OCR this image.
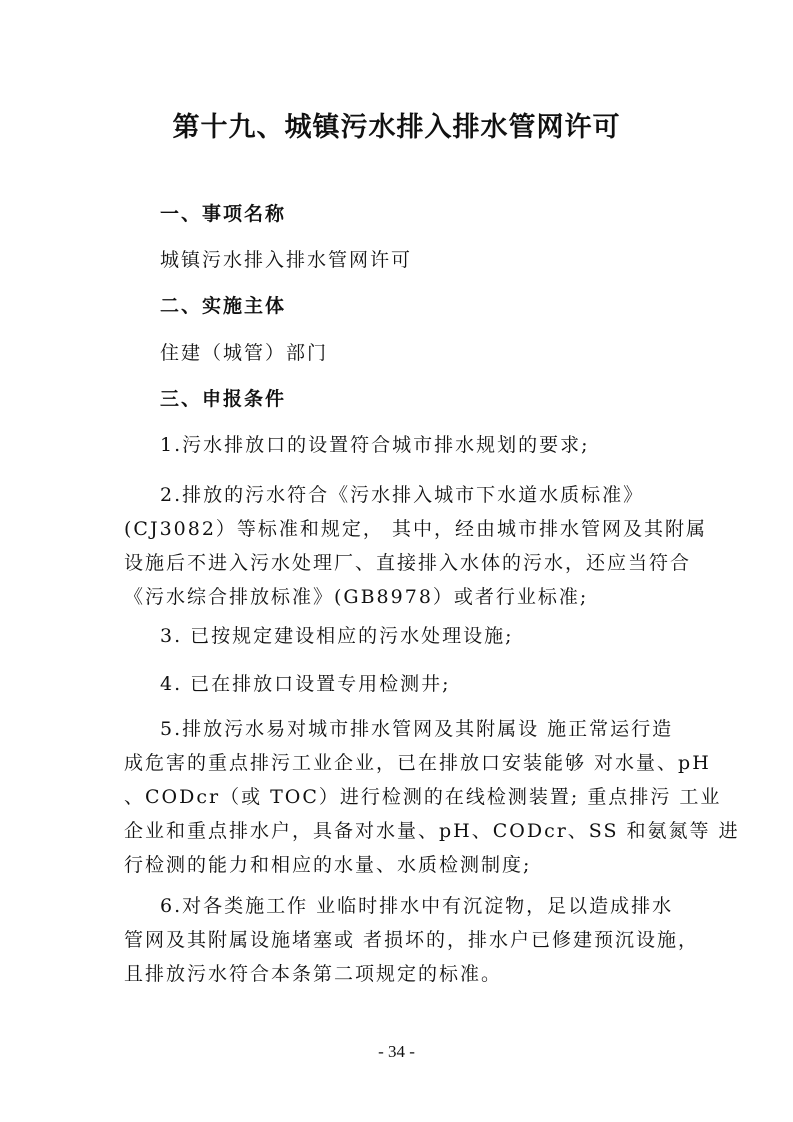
第十九、城镇污水排入排水管网许可
一、事项名称
城镇污水排入排水管网许可
二、实施主体
住建（城管）部门
三、申报条件
1.污水排放口的设置符合城市排水规划的要求;
2.排放的污水符合《污水排入城市下水道水质标准》
(CJ3082）等标准和规定， 其中，经由城市排水管网及其附属
设施后不进入污水处理厂、直接排入水体的污水，还应当符合
《污水综合排放标准》(GB8978）或者行业标准;
3. 已按规定建设相应的污水处理设施;
4. 已在排放口设置专用检测井;
5.排放污水易对城市排水管网及其附属设 施正常运行造
成危害的重点排污工业企业，已在排放口安装能够 对水量、pH
、CODcr（或 TOC）进行检测的在线检测装置; 重点排污 工业
企业和重点排水户，具备对水量、pH、CODcr、SS 和氨氮等 进
行检测的能力和相应的水量、水质检测制度;
6.对各类施工作 业临时排水中有沉淀物，足以造成排水
管网及其附属设施堵塞或 者损坏的，排水户已修建预沉设施，
且排放污水符合本条第二项规定的标准。
- 34 -
